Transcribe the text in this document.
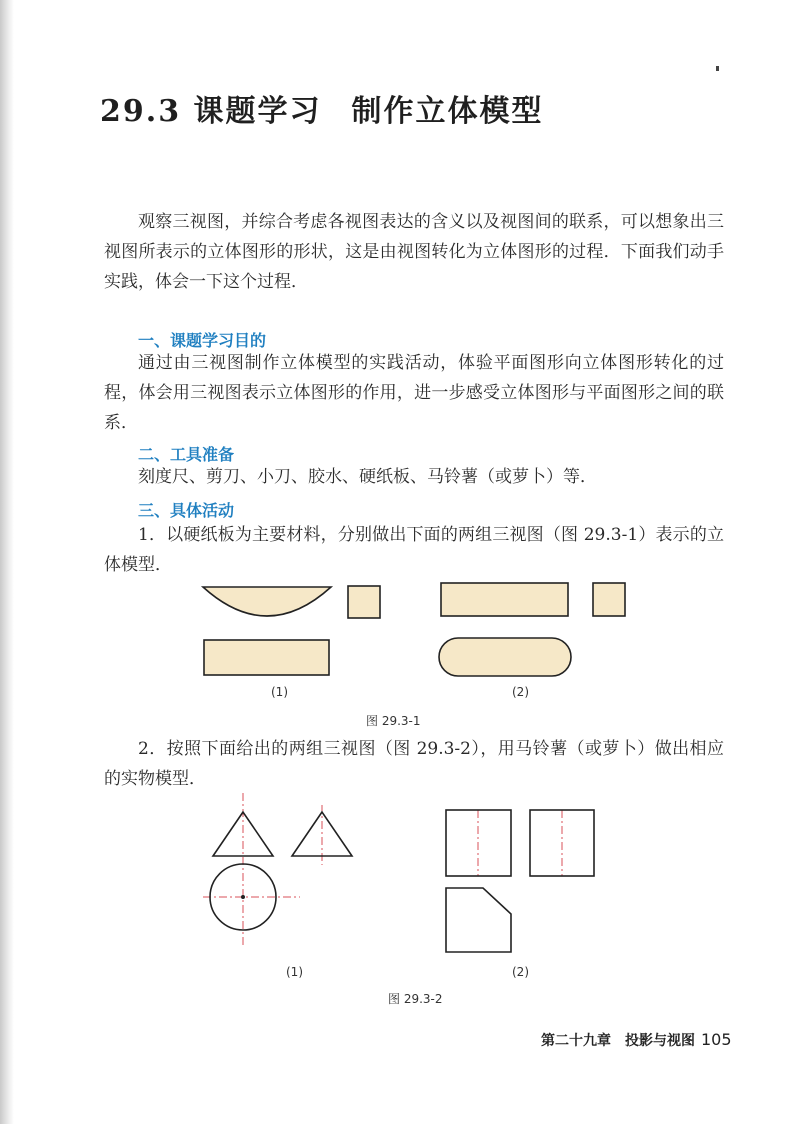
29.3 课题学习 制作立体模型

观察三视图，并综合考虑各视图表达的含义以及视图间的联系，可以想象出三视图所表示的立体图形的形状，这是由视图转化为立体图形的过程．下面我们动手实践，体会一下这个过程．

一、课题学习目的

通过由三视图制作立体模型的实践活动，体验平面图形向立体图形转化的过程，体会用三视图表示立体图形的作用，进一步感受立体图形与平面图形之间的联系．

二、工具准备

刻度尺、剪刀、小刀、胶水、硬纸板、马铃薯（或萝卜）等．

三、具体活动

1．以硬纸板为主要材料，分别做出下面的两组三视图（图 29.3-1）表示的立体模型．

(1)	(2)
图 29.3-1

2．按照下面给出的两组三视图（图 29.3-2），用马铃薯（或萝卜）做出相应的实物模型．

(1)	(2)
图 29.3-2
第二十九章　投影与视图 105
